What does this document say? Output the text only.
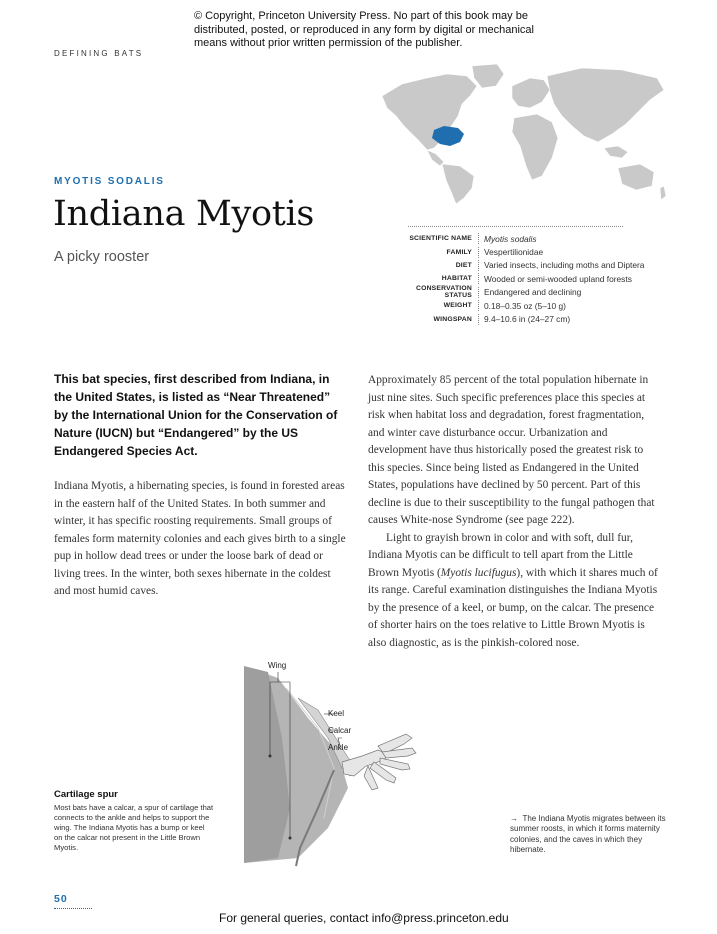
© Copyright, Princeton University Press. No part of this book may be distributed, posted, or reproduced in any form by digital or mechanical means without prior written permission of the publisher.
DEFINING BATS
MYOTIS SODALIS
Indiana Myotis
A picky rooster
SCIENTIFIC NAME	Myotis sodalis
FAMILY	Vespertilionidae
DIET	Varied insects, including moths and Diptera
HABITAT	Wooded or semi-wooded upland forests
CONSERVATION STATUS	Endangered and declining
WEIGHT	0.18–0.35 oz (5–10 g)
WINGSPAN	9.4–10.6 in (24–27 cm)
This bat species, first described from Indiana, in the United States, is listed as “Near Threatened” by the International Union for the Conservation of Nature (IUCN) but “Endangered” by the US Endangered Species Act.
Indiana Myotis, a hibernating species, is found in forested areas in the eastern half of the United States. In both summer and winter, it has specific roosting requirements. Small groups of females form maternity colonies and each gives birth to a single pup in hollow dead trees or under the loose bark of dead or living trees. In the winter, both sexes hibernate in the coldest and most humid caves.

Approximately 85 percent of the total population hibernate in just nine sites. Such specific preferences place this species at risk when habitat loss and degradation, forest fragmentation, and winter cave disturbance occur. Urbanization and development have thus historically posed the greatest risk to this species. Since being listed as Endangered in the United States, populations have declined by 50 percent. Part of this decline is due to their susceptibility to the fungal pathogen that causes White-nose Syndrome (see page 222).

Light to grayish brown in color and with soft, dull fur, Indiana Myotis can be difficult to tell apart from the Little Brown Myotis (Myotis lucifugus), with which it shares much of its range. Careful examination distinguishes the Indiana Myotis by the presence of a keel, or bump, on the calcar. The presence of shorter hairs on the toes relative to Little Brown Myotis is also diagnostic, as is the pinkish-colored nose.

Wing
Keel
Calcar
Ankle
Cartilage spur
Most bats have a calcar, a spur of cartilage that connects to the ankle and helps to support the wing. The Indiana Myotis has a bump or keel on the calcar not present in the Little Brown Myotis.
→ The Indiana Myotis migrates between its summer roosts, in which it forms maternity colonies, and the caves in which they hibernate.
50
For general queries, contact info@press.princeton.edu
